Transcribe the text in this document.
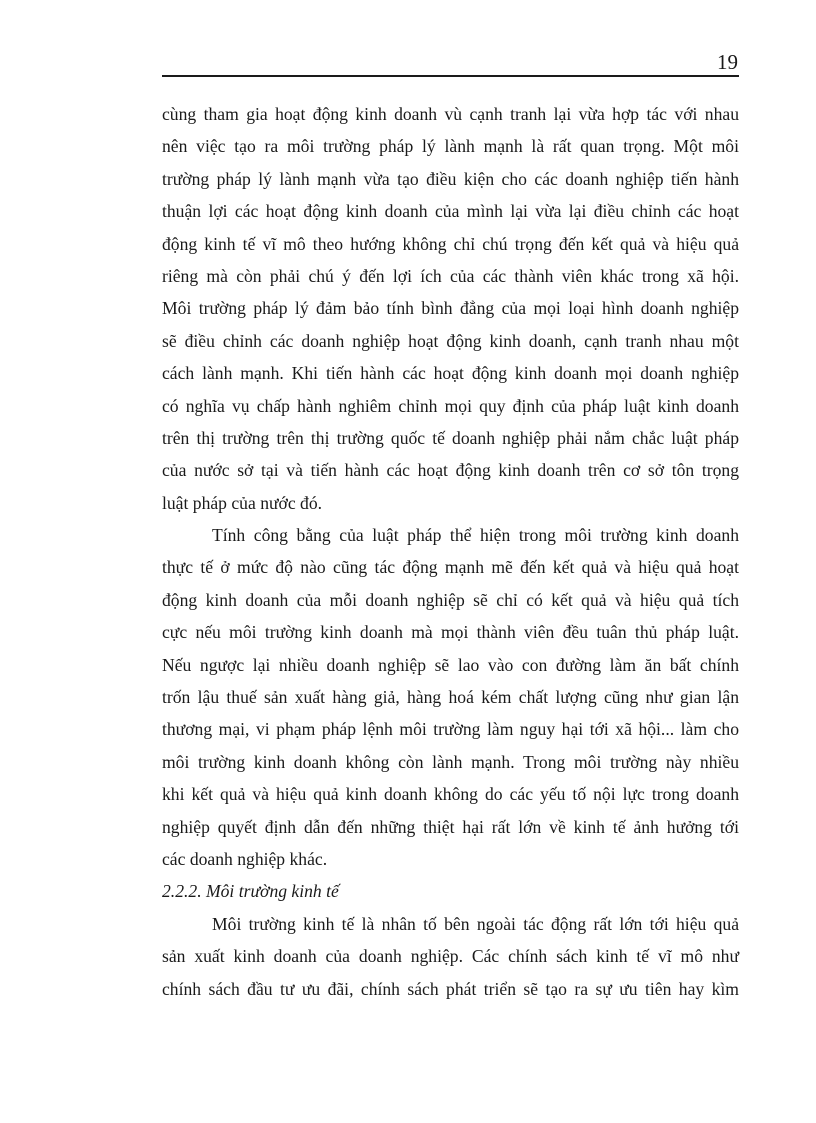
19
cùng tham gia hoạt động kinh doanh vù cạnh tranh lại vừa hợp tác với nhau
nên việc tạo ra môi trường pháp lý lành mạnh là rất quan trọng. Một môi
trường pháp lý lành mạnh vừa tạo điều kiện cho các doanh nghiệp tiến hành
thuận lợi các hoạt động kinh doanh của mình lại vừa lại điều chỉnh các hoạt
động kinh tế vĩ mô theo hướng không chỉ chú trọng đến kết quả và hiệu quả
riêng mà còn phải chú ý đến lợi ích của các thành viên khác trong xã hội.
Môi trường pháp lý đảm bảo tính bình đẳng của mọi loại hình doanh nghiệp
sẽ điều chỉnh các doanh nghiệp hoạt động kinh doanh, cạnh tranh nhau một
cách lành mạnh. Khi tiến hành các hoạt động kinh doanh mọi doanh nghiệp
có nghĩa vụ chấp hành nghiêm chỉnh mọi quy định của pháp luật kinh doanh
trên thị trường trên thị trường quốc tế doanh nghiệp phải nắm chắc luật pháp
của nước sở tại và tiến hành các hoạt động kinh doanh trên cơ sở tôn trọng
luật pháp của nước đó.
Tính công bằng của luật pháp thể hiện trong môi trường kinh doanh
thực tế ở mức độ nào cũng tác động mạnh mẽ đến kết quả và hiệu quả hoạt
động kinh doanh của mỗi doanh nghiệp sẽ chỉ có kết quả và hiệu quả tích
cực nếu môi trường kinh doanh mà mọi thành viên đều tuân thủ pháp luật.
Nếu ngược lại nhiều doanh nghiệp sẽ lao vào con đường làm ăn bất chính
trốn lậu thuế sản xuất hàng giả, hàng hoá kém chất lượng cũng như gian lận
thương mại, vi phạm pháp lệnh môi trường làm nguy hại tới xã hội... làm cho
môi trường kinh doanh không còn lành mạnh. Trong môi trường này nhiều
khi kết quả và hiệu quả kinh doanh không do các yếu tố nội lực trong doanh
nghiệp quyết định dẫn đến những thiệt hại rất lớn về kinh tế ảnh hưởng tới
các doanh nghiệp khác.
2.2.2. Môi trường kinh tế
Môi trường kinh tế là nhân tố bên ngoài tác động rất lớn tới hiệu quả
sản xuất kinh doanh của doanh nghiệp. Các chính sách kinh tế vĩ mô như
chính sách đầu tư ưu đãi, chính sách phát triển sẽ tạo ra sự ưu tiên hay kìm
